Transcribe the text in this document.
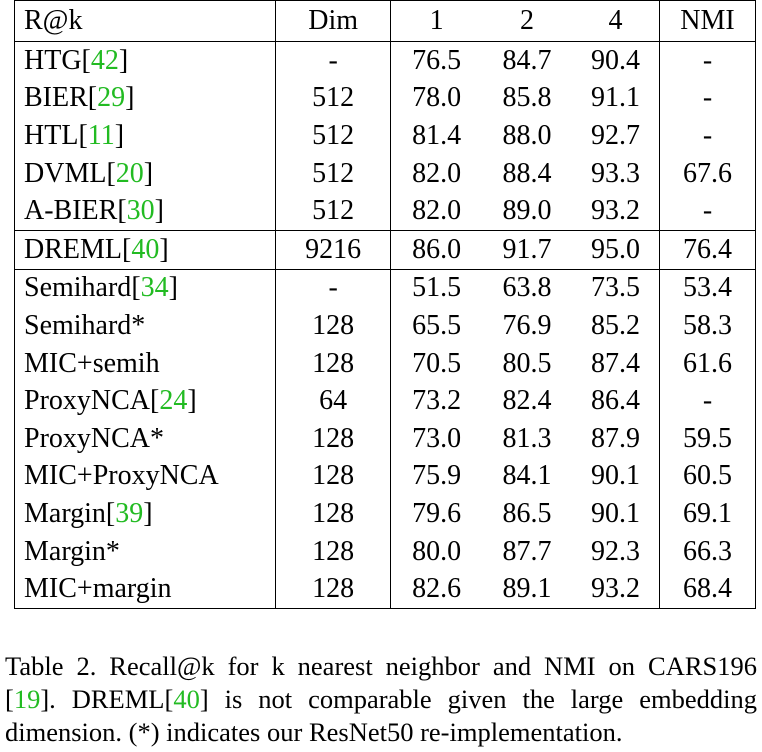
R@k	Dim	1	2	4	NMI
HTG[42]	-	76.5	84.7	90.4	-
BIER[29]	512	78.0	85.8	91.1	-
HTL[11]	512	81.4	88.0	92.7	-
DVML[20]	512	82.0	88.4	93.3	67.6
A-BIER[30]	512	82.0	89.0	93.2	-
DREML[40]	9216	86.0	91.7	95.0	76.4
Semihard[34]	-	51.5	63.8	73.5	53.4
Semihard*	128	65.5	76.9	85.2	58.3
MIC+semih	128	70.5	80.5	87.4	61.6
ProxyNCA[24]	64	73.2	82.4	86.4	-
ProxyNCA*	128	73.0	81.3	87.9	59.5
MIC+ProxyNCA	128	75.9	84.1	90.1	60.5
Margin[39]	128	79.6	86.5	90.1	69.1
Margin*	128	80.0	87.7	92.3	66.3
MIC+margin	128	82.6	89.1	93.2	68.4
Table 2. Recall@k for k nearest neighbor and NMI on CARS196
[19]. DREML[40] is not comparable given the large embedding
dimension. (*) indicates our ResNet50 re-implementation.
